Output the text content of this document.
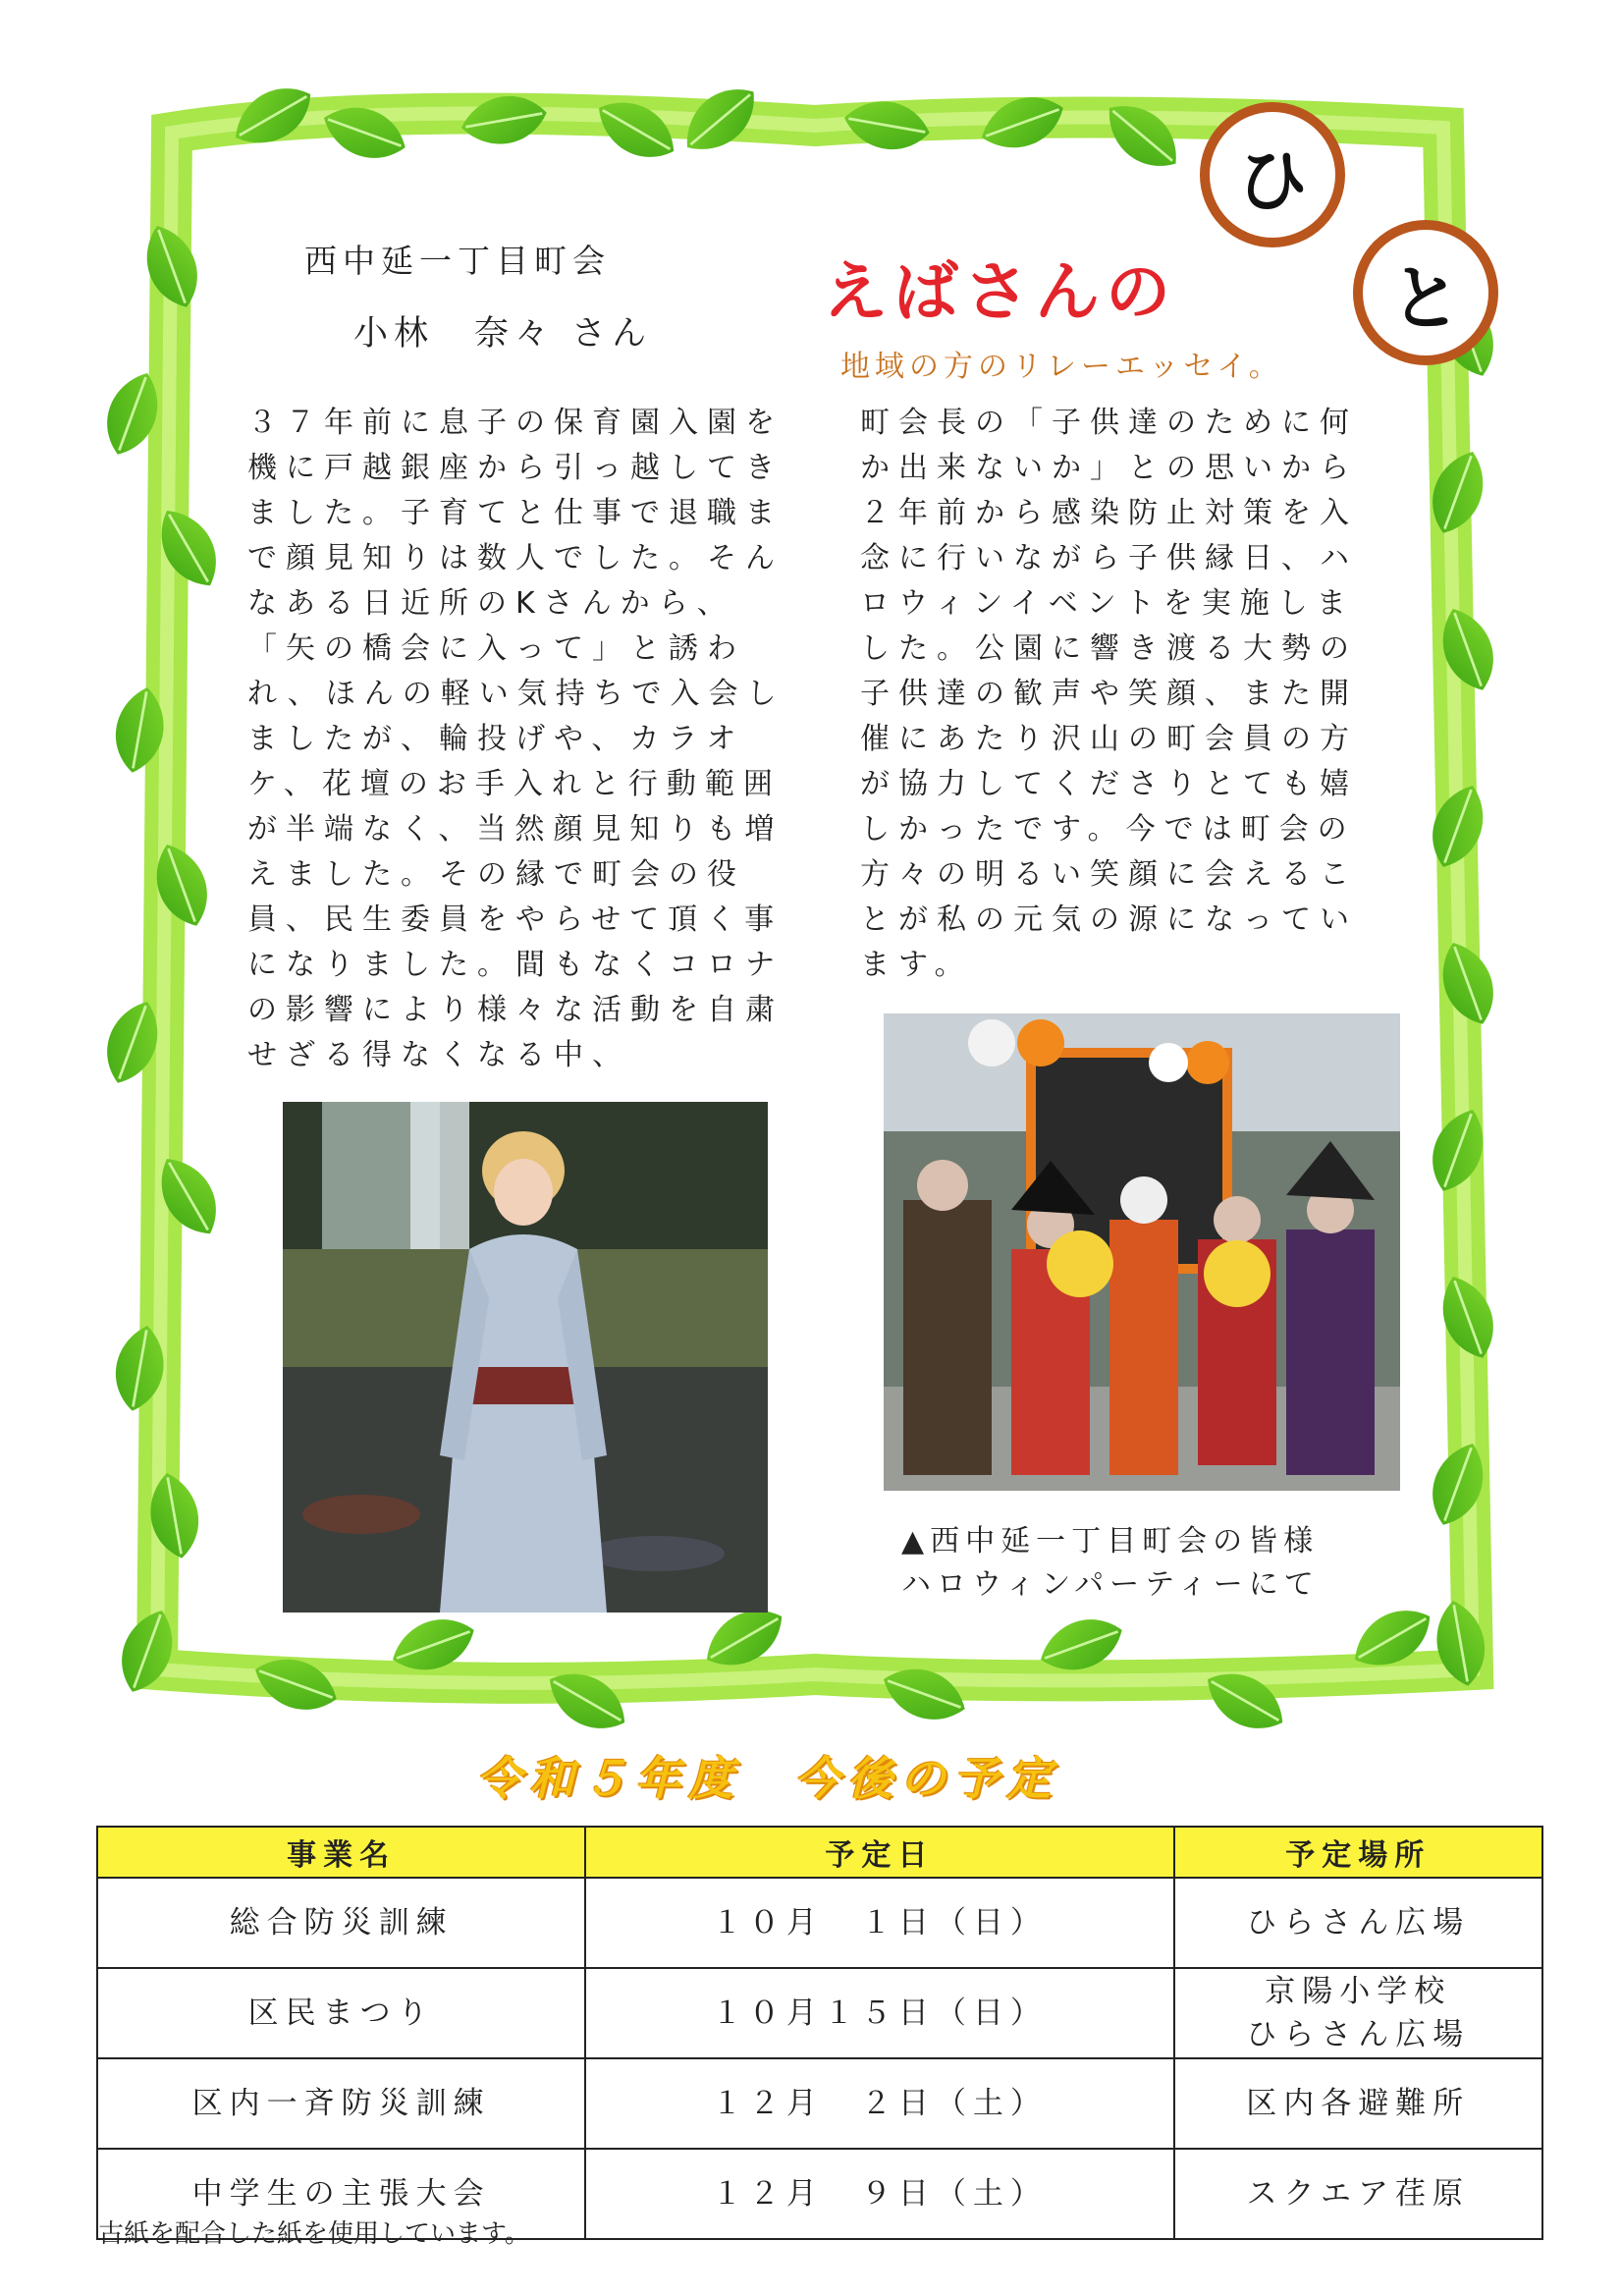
西中延一丁目町会
小林　奈々 さん
えばさんの
地域の方のリレーエッセイ。
ひ
と

３７年前に息子の保育園入園を

機に戸越銀座から引っ越してき

ました。子育てと仕事で退職ま

で顔見知りは数人でした。そん

なある日近所のKさんから、

「矢の橋会に入って」と誘わ

れ、ほんの軽い気持ちで入会し

ましたが、輪投げや、カラオ

ケ、花壇のお手入れと行動範囲

が半端なく、当然顔見知りも増

えました。その縁で町会の役

員、民生委員をやらせて頂く事

になりました。間もなくコロナ

の影響により様々な活動を自粛

せざる得なくなる中、

町会長の「子供達のために何

か出来ないか」との思いから

２年前から感染防止対策を入

念に行いながら子供縁日、ハ

ロウィンイベントを実施しま

した。公園に響き渡る大勢の

子供達の歓声や笑顔、また開

催にあたり沢山の町会員の方

が協力してくださりとても嬉

しかったです。今では町会の

方々の明るい笑顔に会えるこ

とが私の元気の源になってい

ます。

▲西中延一丁目町会の皆様
ハロウィンパーティーにて
令和５年度　今後の予定
事業名	予定日	予定場所
総合防災訓練	１０月　１日（日）	ひらさん広場
区民まつり	１０月１５日（日）	京陽小学校
ひらさん広場
区内一斉防災訓練	１２月　２日（土）	区内各避難所
中学生の主張大会	１２月　９日（土）	スクエア荏原
古紙を配合した紙を使用しています。
